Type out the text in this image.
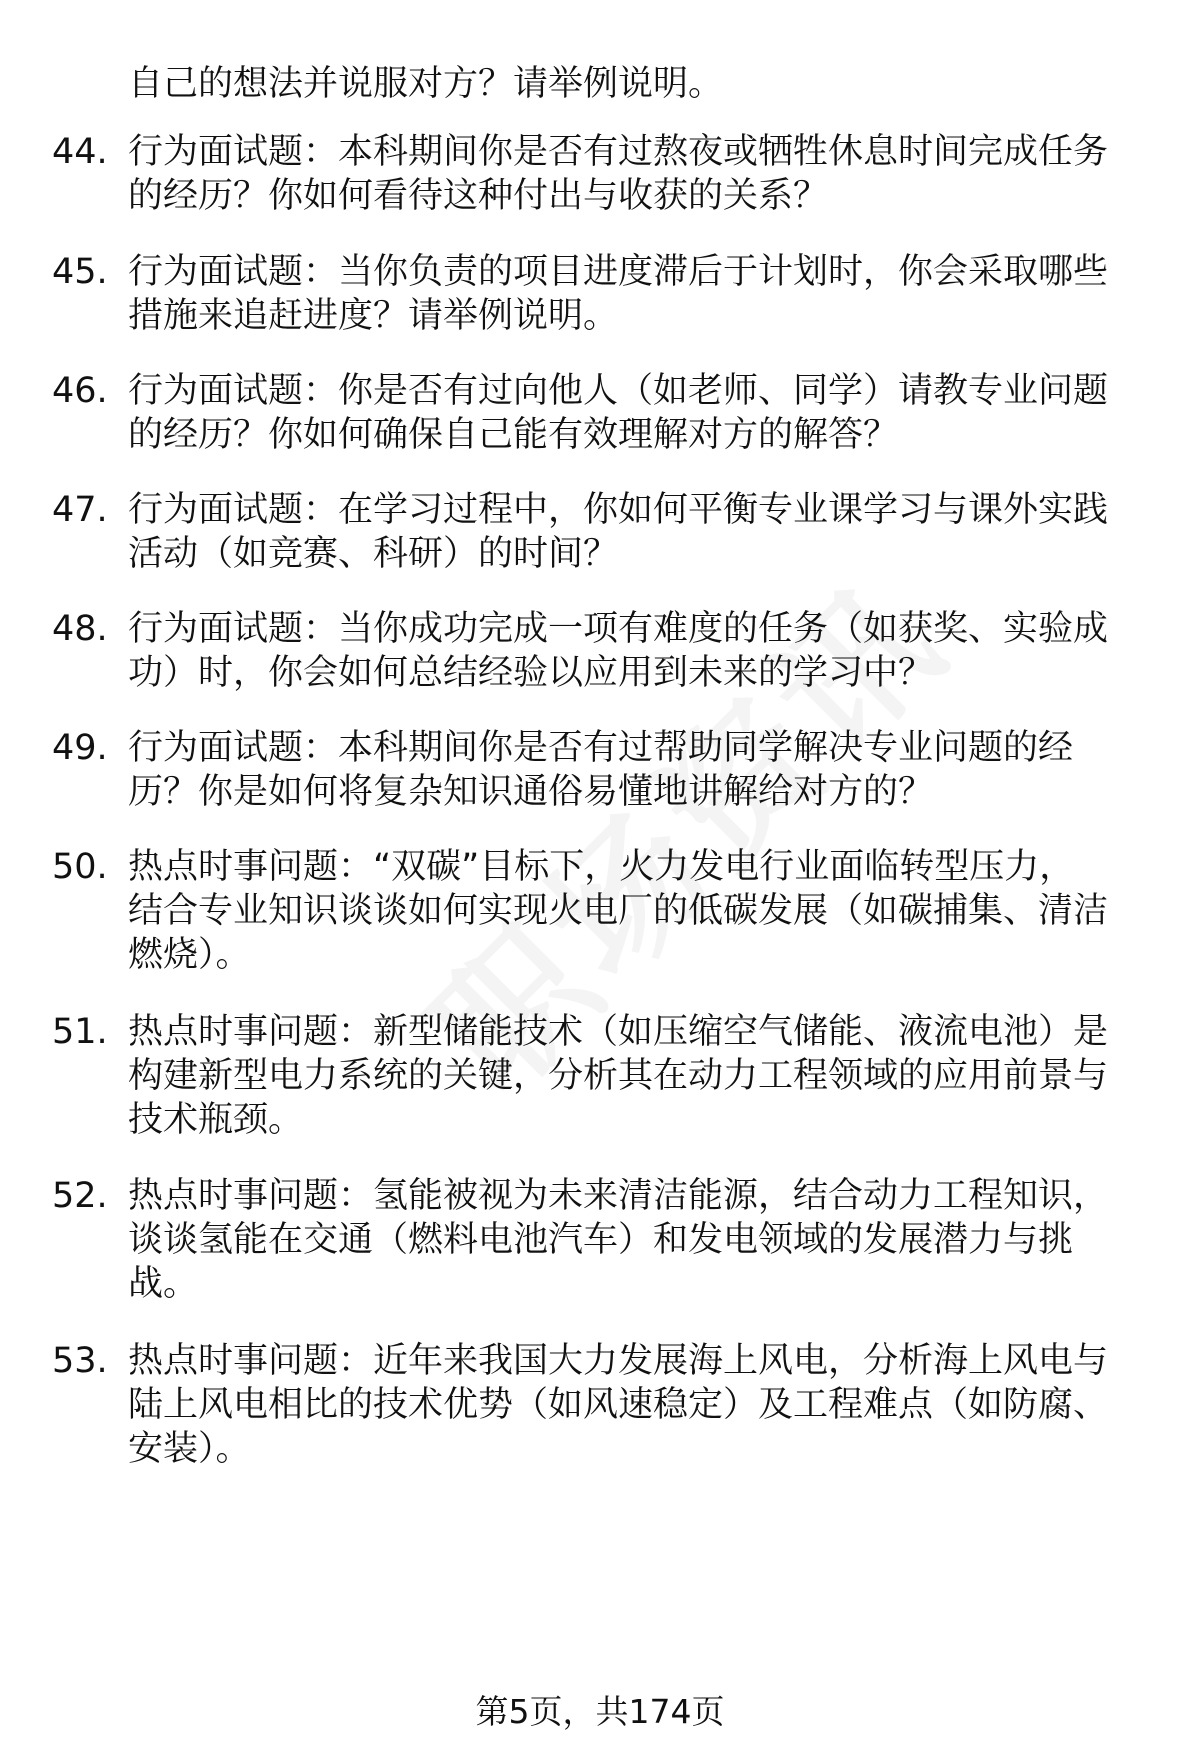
自己的想法并说服对方？请举例说明。
44. 行为面试题：本科期间你是否有过熬夜或牺牲休息时间完成任务
的经历？你如何看待这种付出与收获的关系？
45. 行为面试题：当你负责的项目进度滞后于计划时，你会采取哪些
措施来追赶进度？请举例说明。
46. 行为面试题：你是否有过向他人（如老师、同学）请教专业问题
的经历？你如何确保自己能有效理解对方的解答？
47. 行为面试题：在学习过程中，你如何平衡专业课学习与课外实践
活动（如竞赛、科研）的时间？
48. 行为面试题：当你成功完成一项有难度的任务（如获奖、实验成
功）时，你会如何总结经验以应用到未来的学习中？
49. 行为面试题：本科期间你是否有过帮助同学解决专业问题的经
历？你是如何将复杂知识通俗易懂地讲解给对方的？
50. 热点时事问题：“双碳”目标下，火力发电行业面临转型压力，
结合专业知识谈谈如何实现火电厂的低碳发展（如碳捕集、清洁
燃烧）。
51. 热点时事问题：新型储能技术（如压缩空气储能、液流电池）是
构建新型电力系统的关键，分析其在动力工程领域的应用前景与
技术瓶颈。
52. 热点时事问题：氢能被视为未来清洁能源，结合动力工程知识，
谈谈氢能在交通（燃料电池汽车）和发电领域的发展潜力与挑
战。
53. 热点时事问题：近年来我国大力发展海上风电，分析海上风电与
陆上风电相比的技术优势（如风速稳定）及工程难点（如防腐、
安装）。
第5页，共174页
